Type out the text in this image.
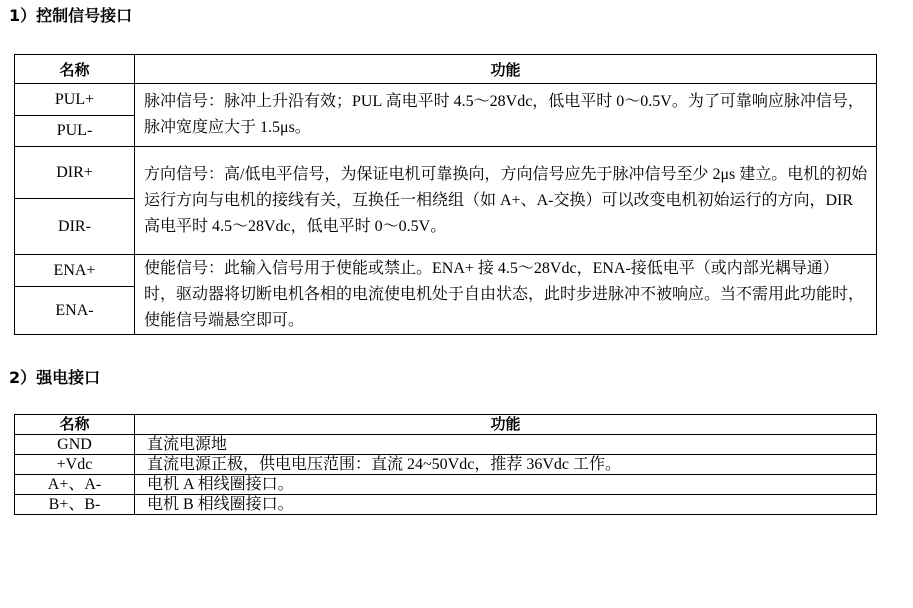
1）控制信号接口
名称	功能
PUL+	脉冲信号：脉冲上升沿有效；PUL 高电平时 4.5～28Vdc，低电平时 0～0.5V。为了可靠响应脉冲信号，脉冲宽度应大于 1.5μs。
PUL-	
DIR+	方向信号：高/低电平信号，为保证电机可靠换向，方向信号应先于脉冲信号至少 2μs 建立。电机的初始运行方向与电机的接线有关，互换任一相绕组（如 A+、A-交换）可以改变电机初始运行的方向，DIR 高电平时 4.5～28Vdc，低电平时 0～0.5V。
DIR-	
ENA+	使能信号：此输入信号用于使能或禁止。ENA+ 接 4.5～28Vdc，ENA-接低电平（或内部光耦导通）时，驱动器将切断电机各相的电流使电机处于自由状态，此时步进脉冲不被响应。当不需用此功能时，使能信号端悬空即可。
ENA-	
2）强电接口
名称	功能
GND	直流电源地
+Vdc	直流电源正极，供电电压范围：直流 24~50Vdc，推荐 36Vdc 工作。
A+、A-	电机 A 相线圈接口。
B+、B-	电机 B 相线圈接口。
